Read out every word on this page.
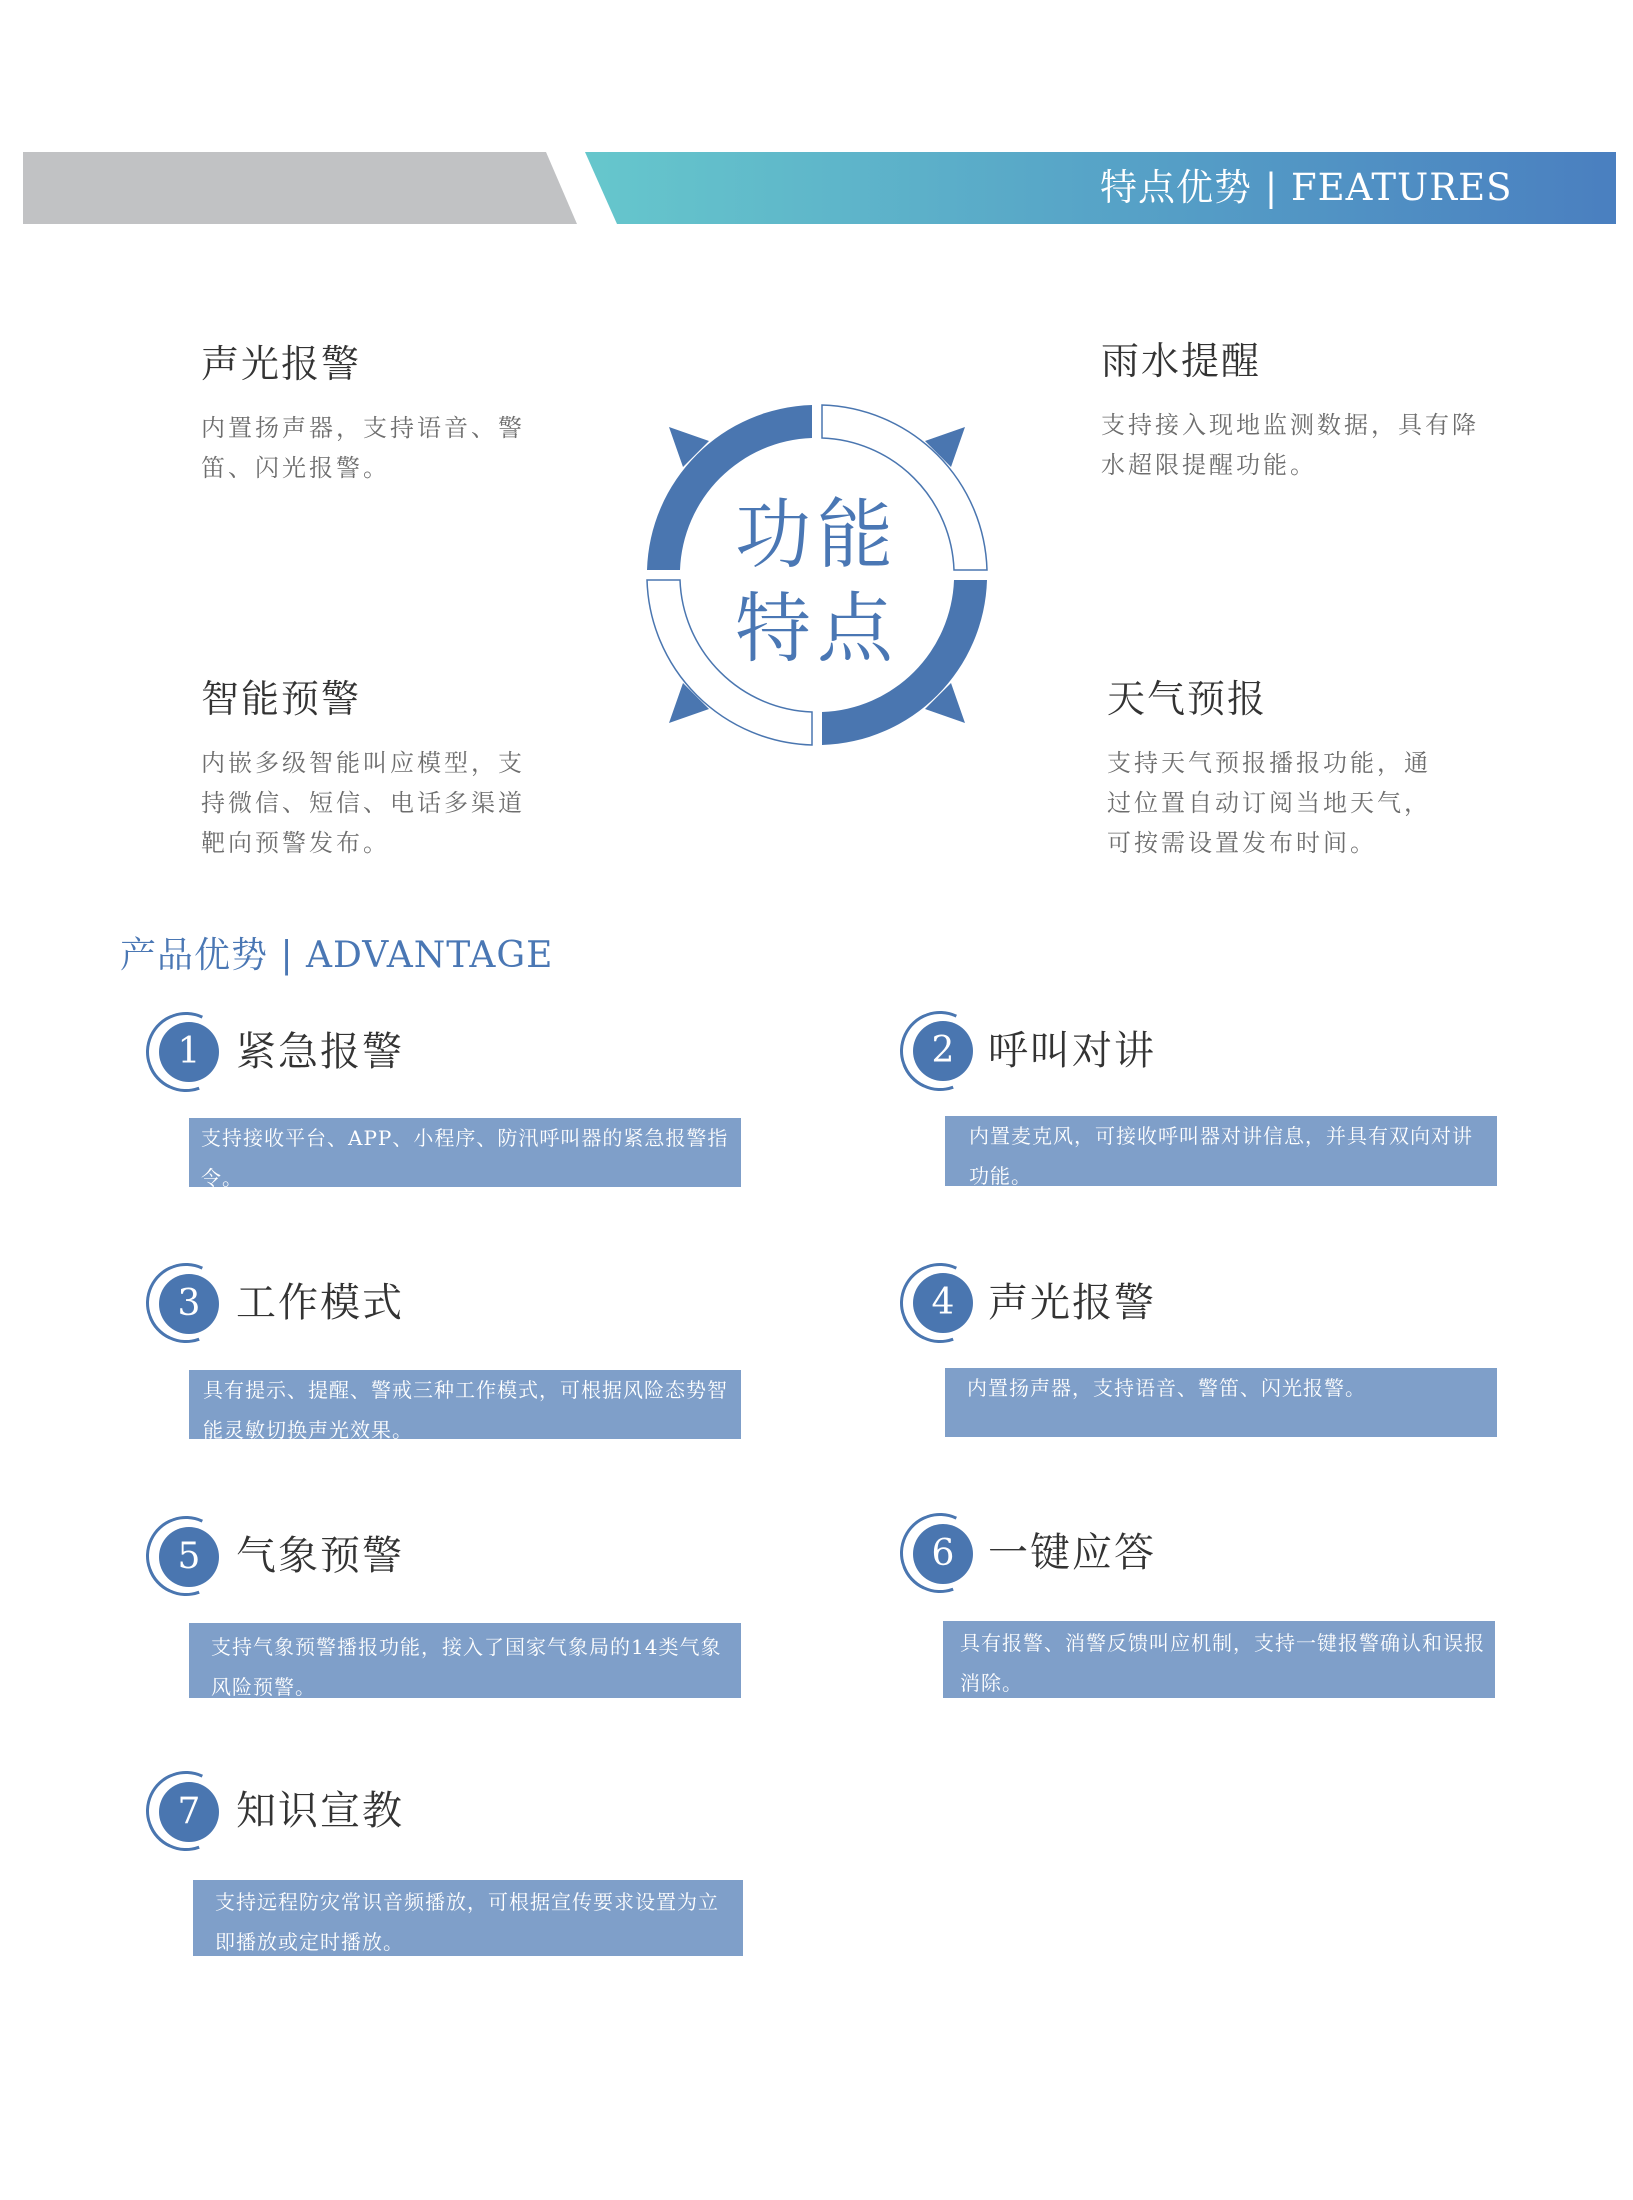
特点优势 | FEATURES
声光报警
内置扬声器，支持语音、警笛、闪光报警。
雨水提醒
支持接入现地监测数据，具有降水超限提醒功能。
智能预警
内嵌多级智能叫应模型，支持微信、短信、电话多渠道靶向预警发布。
天气预报
支持天气预报播报功能，通过位置自动订阅当地天气，可按需设置发布时间。
功能
特点
产品优势 | ADVANTAGE
1 紧急报警
支持接收平台、APP、小程序、防汛呼叫器的紧急报警指令。
2 呼叫对讲
内置麦克风，可接收呼叫器对讲信息，并具有双向对讲功能。
3 工作模式
具有提示、提醒、警戒三种工作模式，可根据风险态势智能灵敏切换声光效果。
4 声光报警
内置扬声器，支持语音、警笛、闪光报警。
5 气象预警
支持气象预警播报功能，接入了国家气象局的14类气象风险预警。
6 一键应答
具有报警、消警反馈叫应机制，支持一键报警确认和误报消除。
7 知识宣教
支持远程防灾常识音频播放，可根据宣传要求设置为立即播放或定时播放。
